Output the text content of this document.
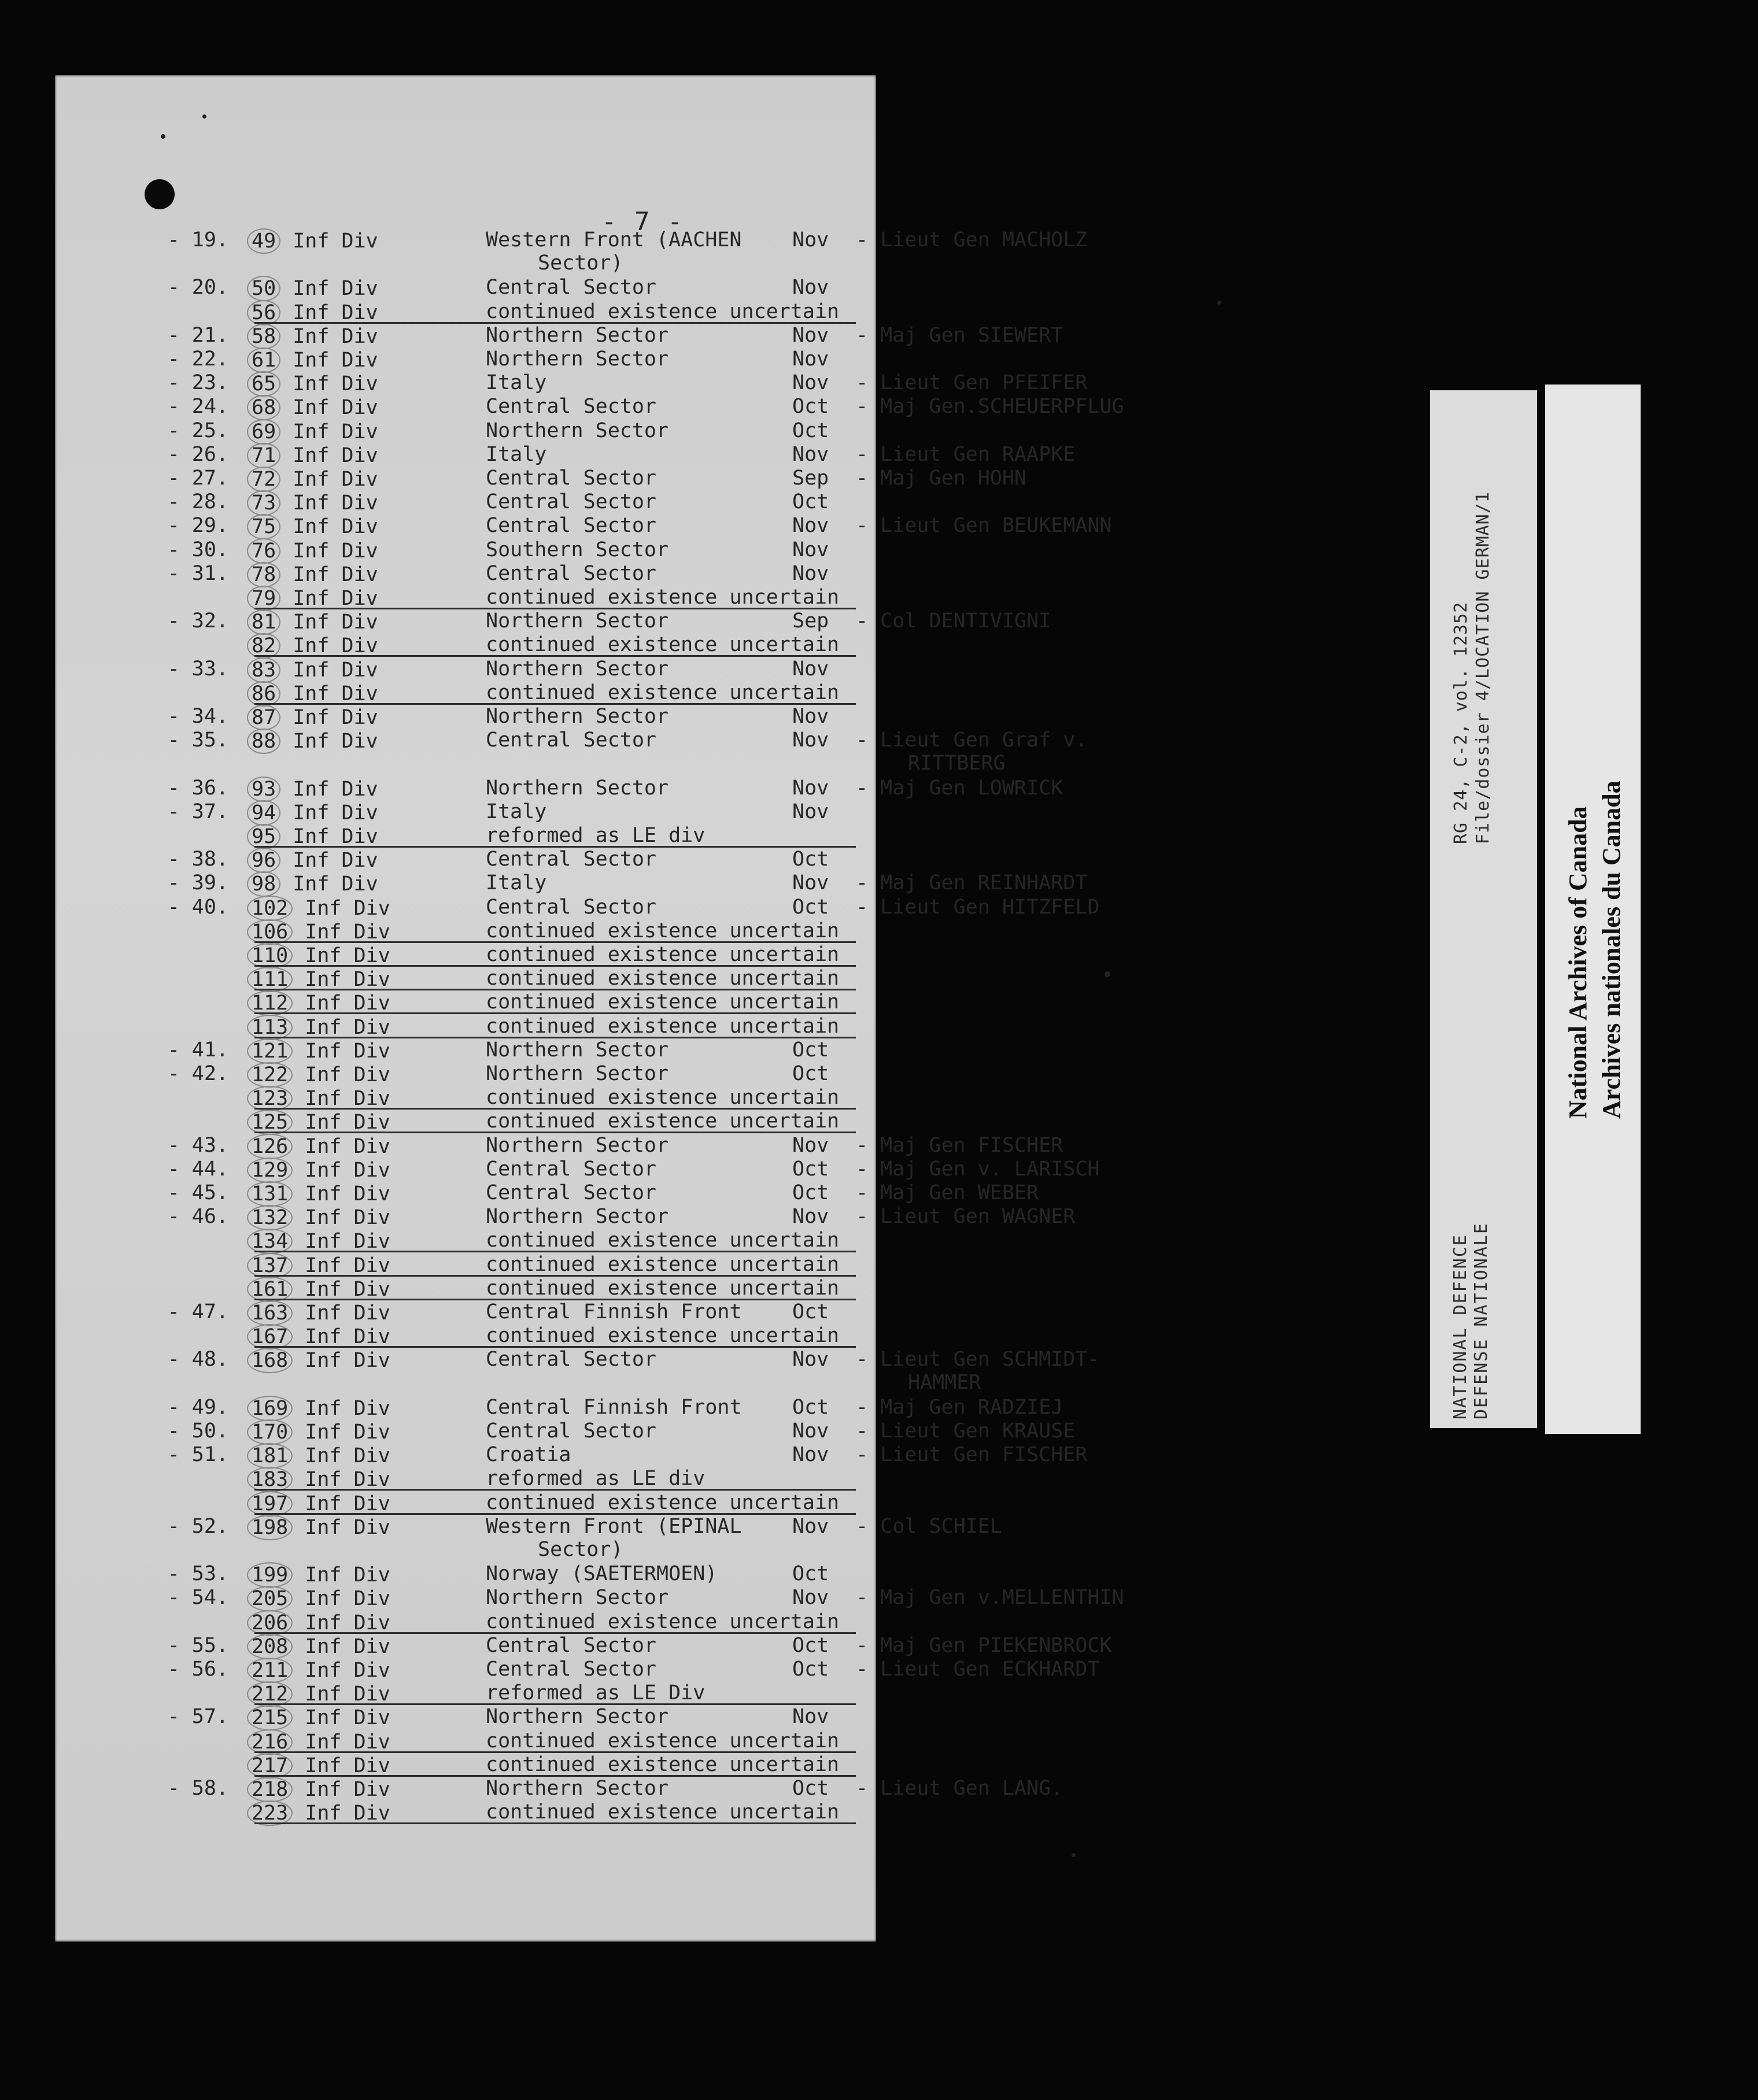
- 7 -
- 19. 49 Inf Div	Western Front (AACHEN Nov - Lieut Gen MACHOLZ
Sector)
- 20. 50 Inf Div	Central Sector	Nov
56 Inf Div	continued existence uncertain
- 21. 58 Inf Div	Northern Sector	Nov - Maj Gen SIEWERT
- 22. 61 Inf Div	Northern Sector	Nov
- 23. 65 Inf Div	Italy	Nov - Lieut Gen PFEIFER
- 24. 68 Inf Div	Central Sector	Oct - Maj Gen.SCHEUERPFLUG
- 25. 69 Inf Div	Northern Sector	Oct
- 26. 71 Inf Div	Italy	Nov - Lieut Gen RAAPKE
- 27. 72 Inf Div	Central Sector	Sep - Maj Gen HOHN
- 28. 73 Inf Div	Central Sector	Oct
- 29. 75 Inf Div	Central Sector	Nov - Lieut Gen BEUKEMANN
- 30. 76 Inf Div	Southern Sector	Nov
- 31. 78 Inf Div	Central Sector	Nov
79 Inf Div	continued existence uncertain
- 32. 81 Inf Div	Northern Sector	Sep - Col DENTIVIGNI
82 Inf Div	continued existence uncertain
- 33. 83 Inf Div	Northern Sector	Nov
86 Inf Div	continued existence uncertain
- 34. 87 Inf Div	Northern Sector	Nov
- 35. 88 Inf Div	Central Sector	Nov - Lieut Gen Graf v.
RITTBERG
- 36. 93 Inf Div	Northern Sector	Nov - Maj Gen LOWRICK
- 37. 94 Inf Div	Italy	Nov
95 Inf Div	reformed as LE div
- 38. 96 Inf Div	Central Sector	Oct
- 39. 98 Inf Div	Italy	Nov - Maj Gen REINHARDT
- 40. 102 Inf Div	Central Sector	Oct - Lieut Gen HITZFELD
106 Inf Div	continued existence uncertain
110 Inf Div	continued existence uncertain
111 Inf Div	continued existence uncertain
112 Inf Div	continued existence uncertain
113 Inf Div	continued existence uncertain
- 41. 121 Inf Div	Northern Sector	Oct
- 42. 122 Inf Div	Northern Sector	Oct
123 Inf Div	continued existence uncertain
125 Inf Div	continued existence uncertain
- 43. 126 Inf Div	Northern Sector	Nov - Maj Gen FISCHER
- 44. 129 Inf Div	Central Sector	Oct - Maj Gen v. LARISCH
- 45. 131 Inf Div	Central Sector	Oct - Maj Gen WEBER
- 46. 132 Inf Div	Northern Sector	Nov - Lieut Gen WAGNER
134 Inf Div	continued existence uncertain
137 Inf Div	continued existence uncertain
161 Inf Div	continued existence uncertain
- 47. 163 Inf Div	Central Finnish Front Oct
167 Inf Div	continued existence uncertain
- 48. 168 Inf Div	Central Sector	Nov - Lieut Gen SCHMIDT-
HAMMER
- 49. 169 Inf Div	Central Finnish Front Oct - Maj Gen RADZIEJ
- 50. 170 Inf Div	Central Sector	Nov - Lieut Gen KRAUSE
- 51. 181 Inf Div	Croatia	Nov - Lieut Gen FISCHER
183 Inf Div	reformed as LE div
197 Inf Div	continued existence uncertain
- 52. 198 Inf Div	Western Front (EPINAL Nov - Col SCHIEL
Sector)
- 53. 199 Inf Div	Norway (SAETERMOEN)	Oct
- 54. 205 Inf Div	Northern Sector	Nov - Maj Gen v.MELLENTHIN
206 Inf Div	continued existence uncertain
- 55. 208 Inf Div	Central Sector	Oct - Maj Gen PIEKENBROCK
- 56. 211 Inf Div	Central Sector	Oct - Lieut Gen ECKHARDT
212 Inf Div	reformed as LE Div
- 57. 215 Inf Div	Northern Sector	Nov
216 Inf Div	continued existence uncertain
217 Inf Div	continued existence uncertain
- 58. 218 Inf Div	Northern Sector	Oct - Lieut Gen LANG.
223 Inf Div	continued existence uncertain
NATIONAL DEFENCE DEFENSE NATIONALE
RG 24, C-2, vol. 12352 File/dossier 4/LOCATION GERMAN/1
National Archives of Canada Archives nationales du Canada
